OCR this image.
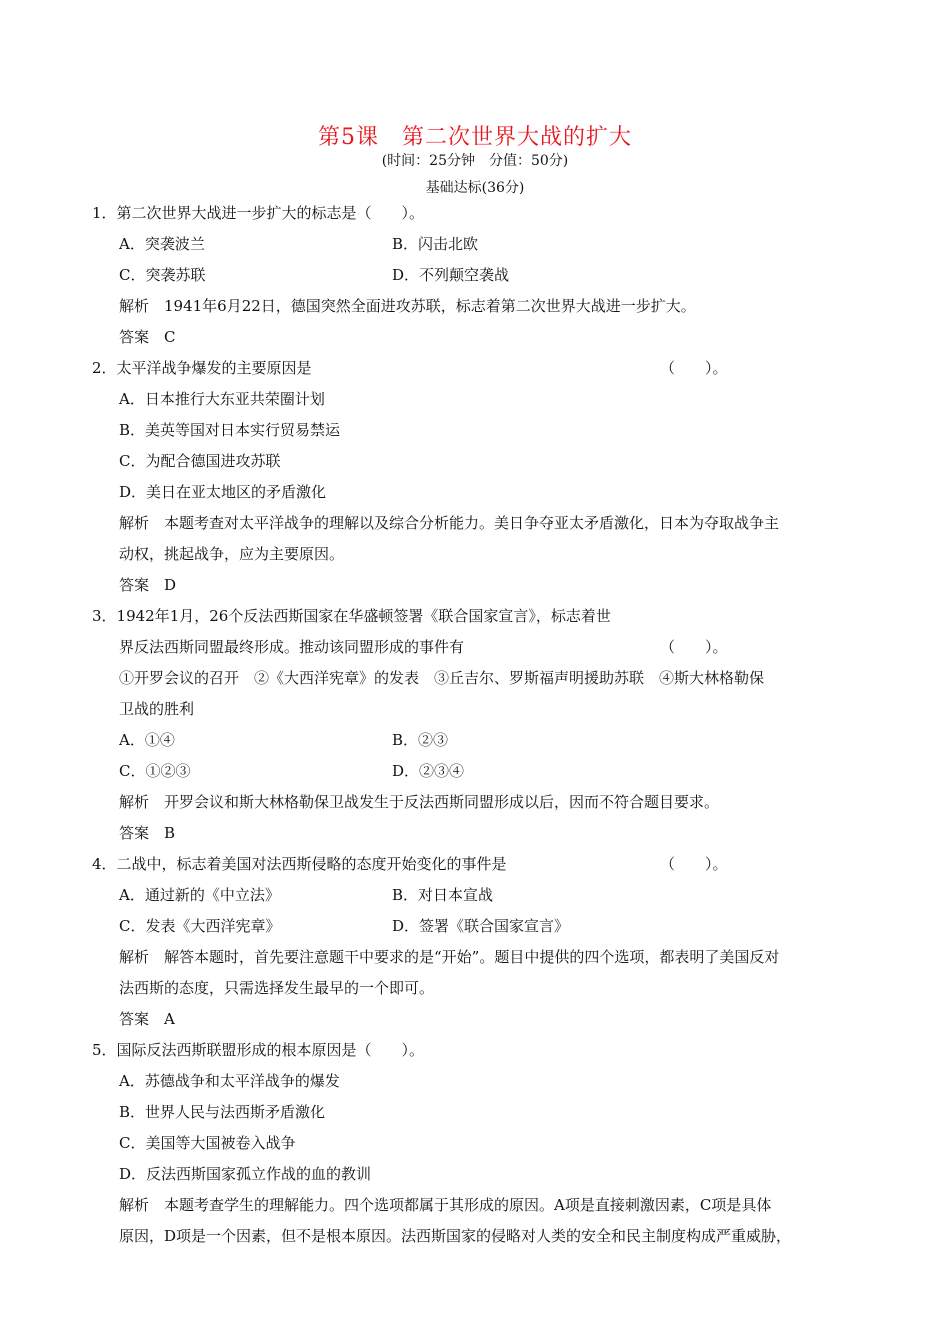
第5课　第二次世界大战的扩大
(时间：25分钟　分值：50分)
基础达标(36分)
1．第二次世界大战进一步扩大的标志是（　　）。
A．突袭波兰	B．闪击北欧
C．突袭苏联	D．不列颠空袭战
解析　1941年6月22日，德国突然全面进攻苏联，标志着第二次世界大战进一步扩大。
答案　C
2．太平洋战争爆发的主要原因是	（　　）。
A．日本推行大东亚共荣圈计划
B．美英等国对日本实行贸易禁运
C．为配合德国进攻苏联
D．美日在亚太地区的矛盾激化
解析　本题考查对太平洋战争的理解以及综合分析能力。美日争夺亚太矛盾激化，日本为夺取战争主
动权，挑起战争，应为主要原因。
答案　D
3．1942年1月，26个反法西斯国家在华盛顿签署《联合国家宣言》，标志着世
界反法西斯同盟最终形成。推动该同盟形成的事件有	（　　）。
①开罗会议的召开　②《大西洋宪章》的发表　③丘吉尔、罗斯福声明援助苏联　④斯大林格勒保
卫战的胜利
A．①④	B．②③
C．①②③	D．②③④
解析　开罗会议和斯大林格勒保卫战发生于反法西斯同盟形成以后，因而不符合题目要求。
答案　B
4．二战中，标志着美国对法西斯侵略的态度开始变化的事件是	（　　）。
A．通过新的《中立法》	B．对日本宣战
C．发表《大西洋宪章》	D．签署《联合国家宣言》
解析　解答本题时，首先要注意题干中要求的是“开始”。题目中提供的四个选项，都表明了美国反对
法西斯的态度，只需选择发生最早的一个即可。
答案　A
5．国际反法西斯联盟形成的根本原因是（　　）。
A．苏德战争和太平洋战争的爆发
B．世界人民与法西斯矛盾激化
C．美国等大国被卷入战争
D．反法西斯国家孤立作战的血的教训
解析　本题考查学生的理解能力。四个选项都属于其形成的原因。A项是直接刺激因素，C项是具体
原因，D项是一个因素，但不是根本原因。法西斯国家的侵略对人类的安全和民主制度构成严重威胁，
